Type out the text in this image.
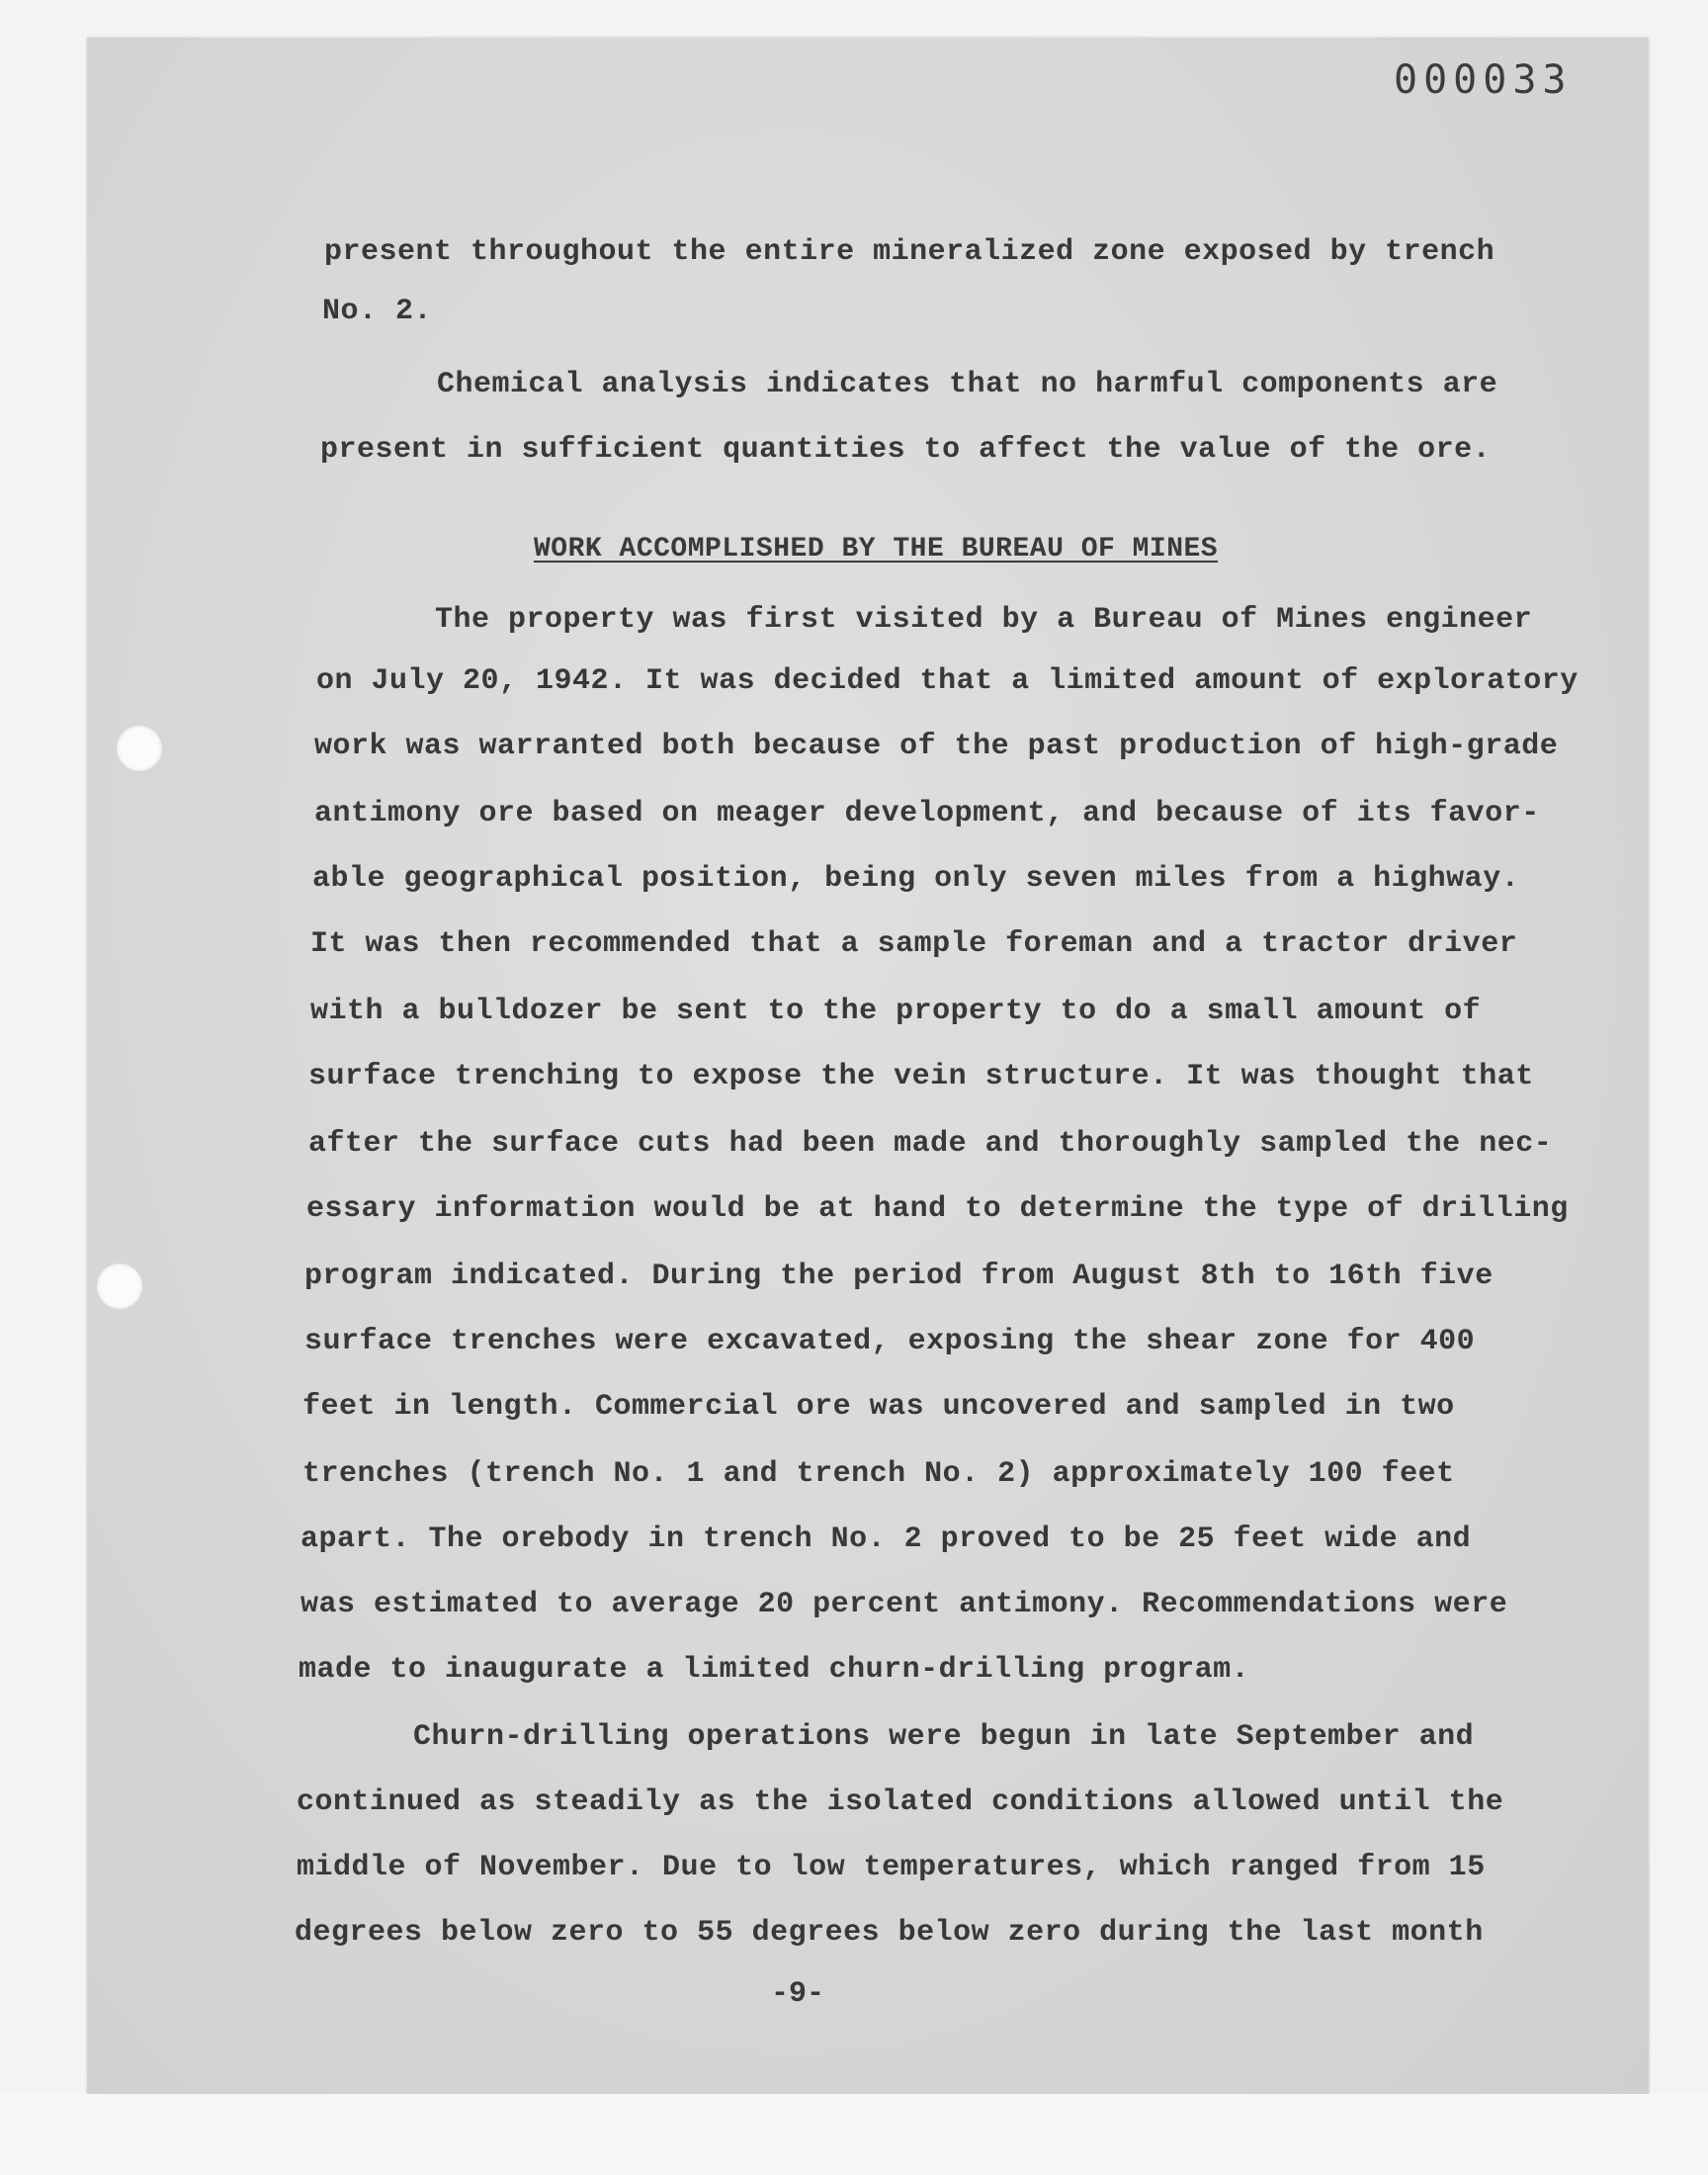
000033
present throughout the entire mineralized zone exposed by trench
No. 2.
Chemical analysis indicates that no harmful components are
present in sufficient quantities to affect the value of the ore.
WORK ACCOMPLISHED BY THE BUREAU OF MINES
The property was first visited by a Bureau of Mines engineer
on July 20, 1942. It was decided that a limited amount of exploratory
work was warranted both because of the past production of high-grade
antimony ore based on meager development, and because of its favor-
able geographical position, being only seven miles from a highway.
It was then recommended that a sample foreman and a tractor driver
with a bulldozer be sent to the property to do a small amount of
surface trenching to expose the vein structure. It was thought that
after the surface cuts had been made and thoroughly sampled the nec-
essary information would be at hand to determine the type of drilling
program indicated. During the period from August 8th to 16th five
surface trenches were excavated, exposing the shear zone for 400
feet in length. Commercial ore was uncovered and sampled in two
trenches (trench No. 1 and trench No. 2) approximately 100 feet
apart. The orebody in trench No. 2 proved to be 25 feet wide and
was estimated to average 20 percent antimony. Recommendations were
made to inaugurate a limited churn-drilling program.
Churn-drilling operations were begun in late September and
continued as steadily as the isolated conditions allowed until the
middle of November. Due to low temperatures, which ranged from 15
degrees below zero to 55 degrees below zero during the last month
-9-
